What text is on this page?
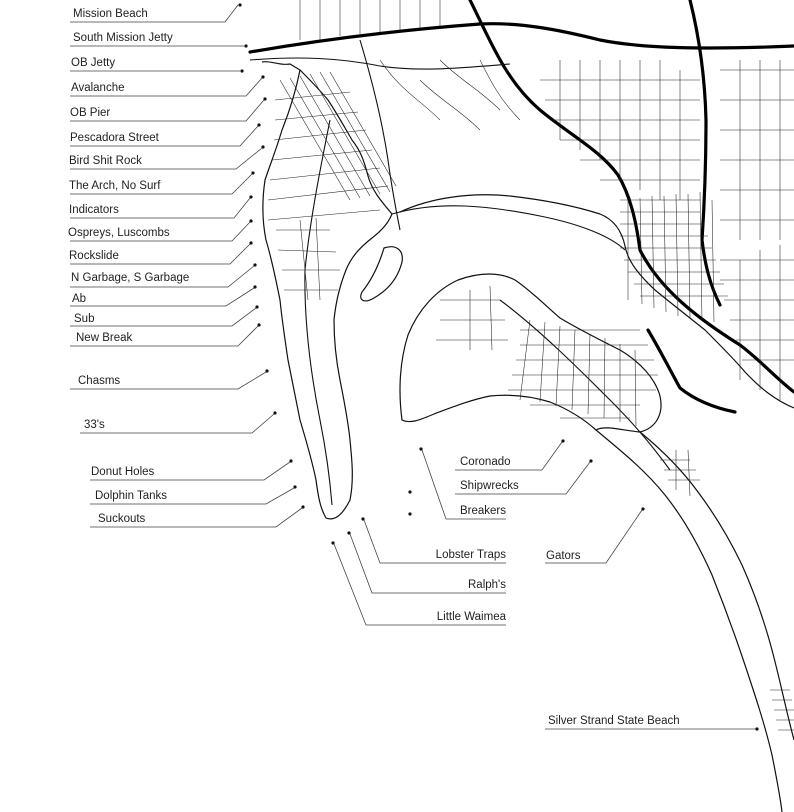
Mission Beach
South Mission Jetty
OB Jetty
Avalanche
OB Pier
Pescadora Street
Bird Shit Rock
The Arch, No Surf
Indicators
Ospreys, Luscombs
Rockslide
N Garbage, S Garbage
Ab
Sub
New Break
Chasms
33's
Donut Holes
Dolphin Tanks
Suckouts
Coronado
Shipwrecks
Breakers
Lobster Traps
Ralph's
Little Waimea
Gators
Silver Strand State Beach
